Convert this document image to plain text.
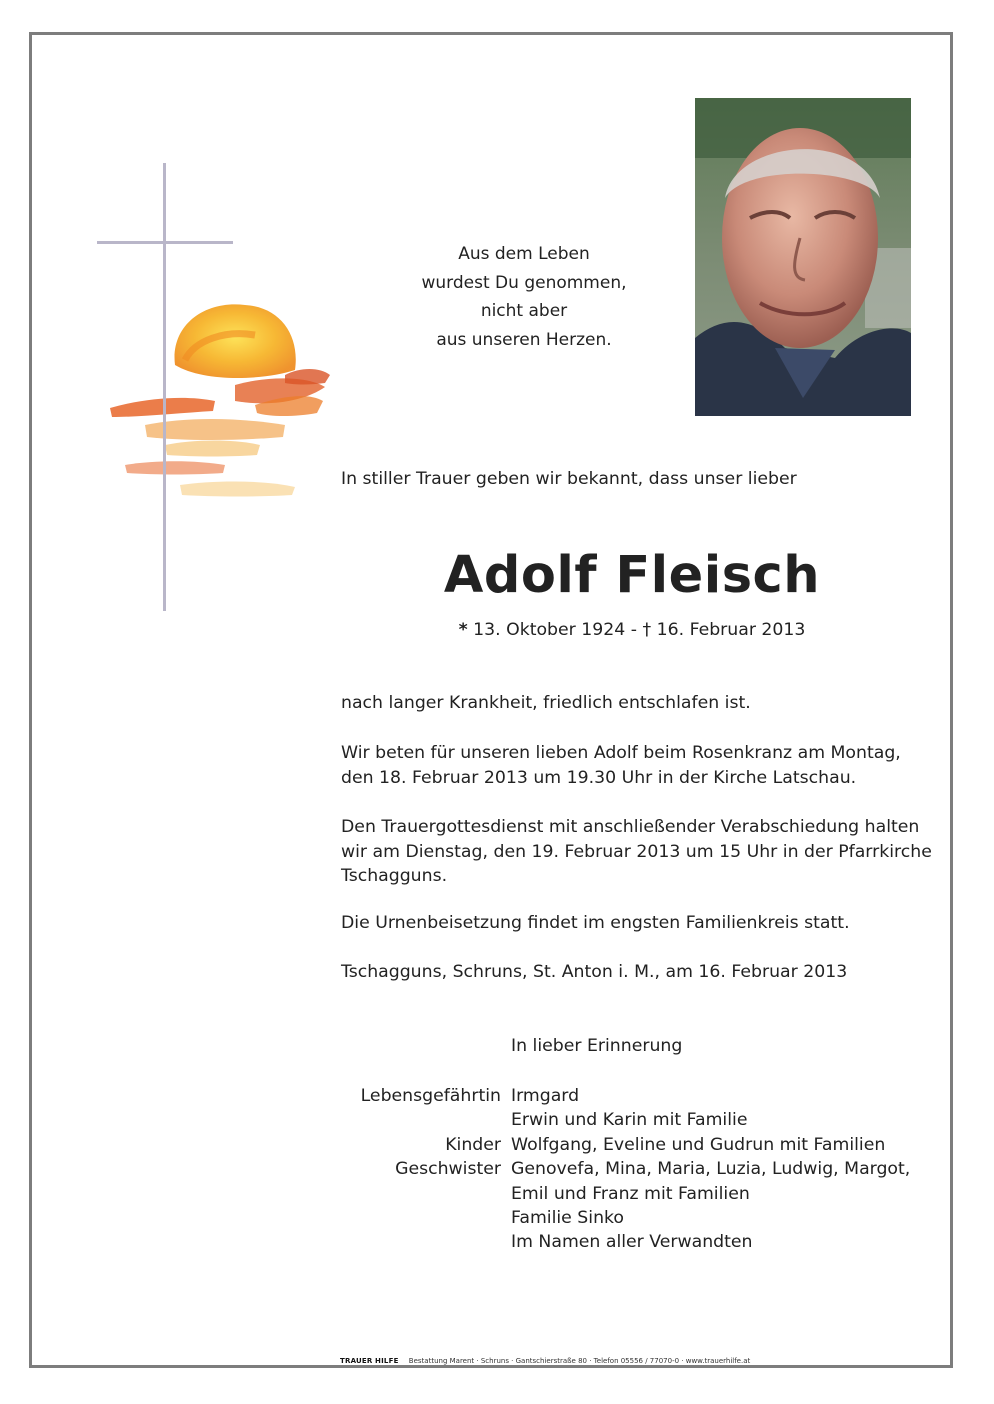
Aus dem Leben
wurdest Du genommen,
nicht aber
aus unseren Herzen.
In stiller Trauer geben wir bekannt, dass unser lieber
Adolf Fleisch
* 13. Oktober 1924 - † 16. Februar 2013
nach langer Krankheit, friedlich entschlafen ist.
Wir beten für unseren lieben Adolf beim Rosenkranz am Montag,
den 18. Februar 2013 um 19.30 Uhr in der Kirche Latschau.
Den Trauergottesdienst mit anschließender Verabschiedung halten
wir am Dienstag, den 19. Februar 2013 um 15 Uhr in der Pfarrkirche
Tschagguns.
Die Urnenbeisetzung findet im engsten Familienkreis statt.
Tschagguns, Schruns, St. Anton i. M., am 16. Februar 2013
In lieber Erinnerung
Lebensgefährtin
Kinder
Geschwister
Irmgard
Erwin und Karin mit Familie
Wolfgang, Eveline und Gudrun mit Familien
Genovefa, Mina, Maria, Luzia, Ludwig, Margot,
Emil und Franz mit Familien
Familie Sinko
Im Namen aller Verwandten
TRAUER HILFE Bestattung Marent · Schruns · Gantschierstraße 80 · Telefon 05556 / 77070-0 · www.trauerhilfe.at
